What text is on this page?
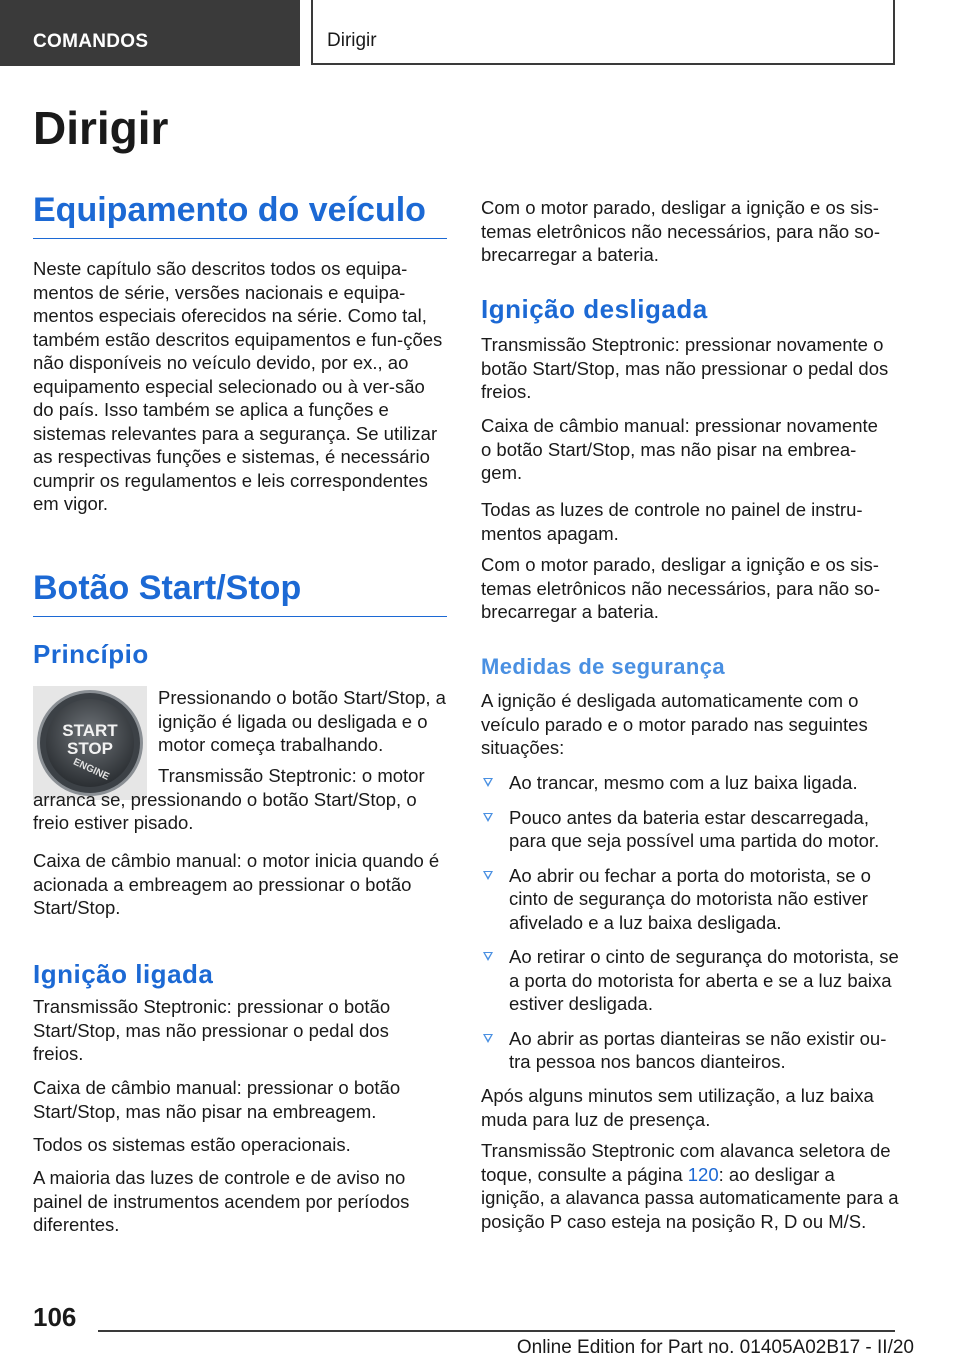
COMANDOS	Dirigir
Dirigir
Equipamento do veículo

Neste capítulo são descritos todos os equipa-mentos de série, versões nacionais e equipa-mentos especiais oferecidos na série. Como tal, também estão descritos equipamentos e fun-ções não disponíveis no veículo devido, por ex., ao equipamento especial selecionado ou à ver-são do país. Isso também se aplica a funções e sistemas relevantes para a segurança. Se utilizar as respectivas funções e sistemas, é necessário cumprir os regulamentos e leis correspondentes em vigor.

Botão Start/Stop
Princípio
START
STOP
ENGINE

Pressionando o botão Start/Stop, a ignição é ligada ou desligada e o motor começa trabalhando.

Transmissão Steptronic: o motor arranca se, pressionando o botão Start/Stop, o freio estiver pisado.

Caixa de câmbio manual: o motor inicia quando é acionada a embreagem ao pressionar o botão Start/Stop.

Ignição ligada

Transmissão Steptronic: pressionar o botão Start/Stop, mas não pressionar o pedal dos freios.

Caixa de câmbio manual: pressionar o botão Start/Stop, mas não pisar na embreagem.

Todos os sistemas estão operacionais.

A maioria das luzes de controle e de aviso no painel de instrumentos acendem por períodos diferentes.

Com o motor parado, desligar a ignição e os sis-temas eletrônicos não necessários, para não so-brecarregar a bateria.

Ignição desligada

Transmissão Steptronic: pressionar novamente o botão Start/Stop, mas não pressionar o pedal dos freios.

Caixa de câmbio manual: pressionar novamente o botão Start/Stop, mas não pisar na embrea-gem.

Todas as luzes de controle no painel de instru-mentos apagam.

Com o motor parado, desligar a ignição e os sis-temas eletrônicos não necessários, para não so-brecarregar a bateria.

Medidas de segurança

A ignição é desligada automaticamente com o veículo parado e o motor parado nas seguintes situações:

Ao trancar, mesmo com a luz baixa ligada.
Pouco antes da bateria estar descarregada, para que seja possível uma partida do motor.
Ao abrir ou fechar a porta do motorista, se o cinto de segurança do motorista não estiver afivelado e a luz baixa desligada.
Ao retirar o cinto de segurança do motorista, se a porta do motorista for aberta e se a luz baixa estiver desligada.
Ao abrir as portas dianteiras se não existir ou-tra pessoa nos bancos dianteiros.

Após alguns minutos sem utilização, a luz baixa muda para luz de presença.

Transmissão Steptronic com alavanca seletora de toque, consulte a página 120: ao desligar a ignição, a alavanca passa automaticamente para a posição P caso esteja na posição R, D ou M/S.

106
Online Edition for Part no. 01405A02B17 - II/20
